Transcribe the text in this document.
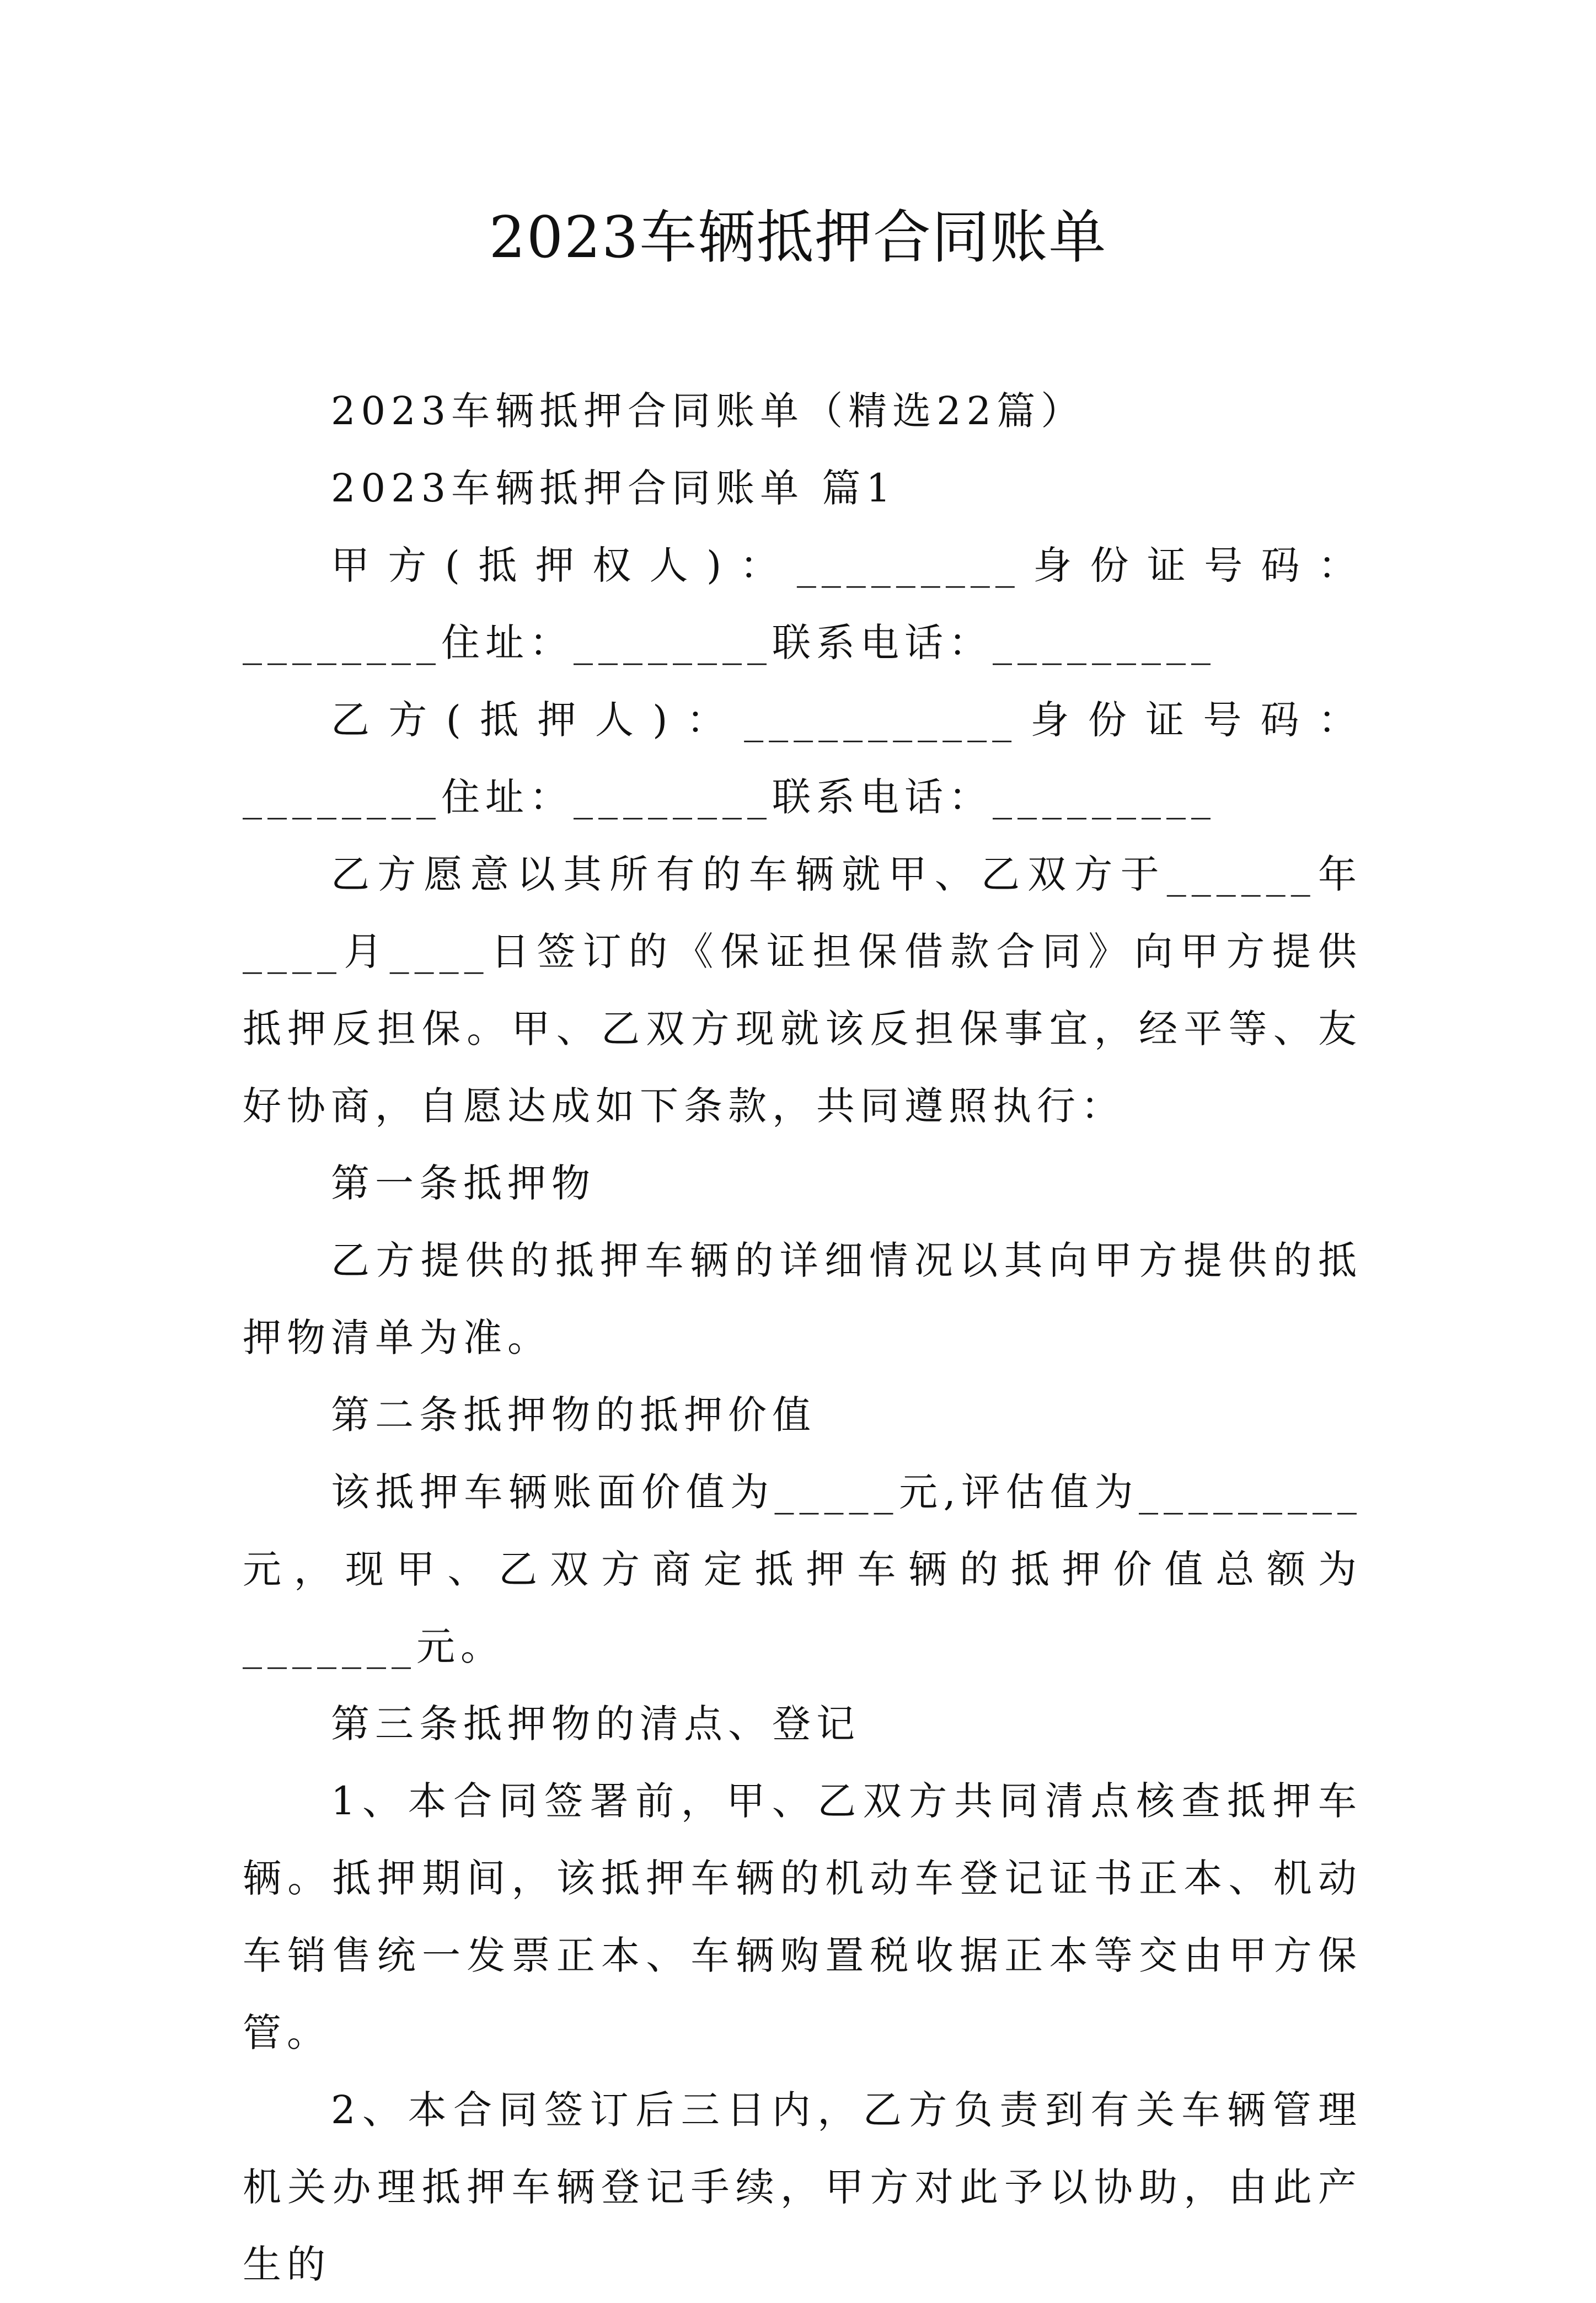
2023车辆抵押合同账单

2023车辆抵押合同账单（精选22篇）

2023车辆抵押合同账单 篇1

甲方(抵押权人)：_________身份证号码：________住址：________联系电话：_________

乙方(抵押人)：___________身份证号码：________住址：________联系电话：_________

乙方愿意以其所有的车辆就甲、乙双方于______年____月____日签订的《保证担保借款合同》向甲方提供抵押反担保。甲、乙双方现就该反担保事宜，经平等、友好协商，自愿达成如下条款，共同遵照执行：

第一条抵押物

乙方提供的抵押车辆的详细情况以其向甲方提供的抵押物清单为准。

第二条抵押物的抵押价值

该抵押车辆账面价值为_____元,评估值为_________元，现甲、乙双方商定抵押车辆的抵押价值总额为_______元。

第三条抵押物的清点、登记

1、本合同签署前，甲、乙双方共同清点核查抵押车辆。抵押期间，该抵押车辆的机动车登记证书正本、机动车销售统一发票正本、车辆购置税收据正本等交由甲方保管。

2、本合同签订后三日内，乙方负责到有关车辆管理机关办理抵押车辆登记手续，甲方对此予以协助，由此产生的
